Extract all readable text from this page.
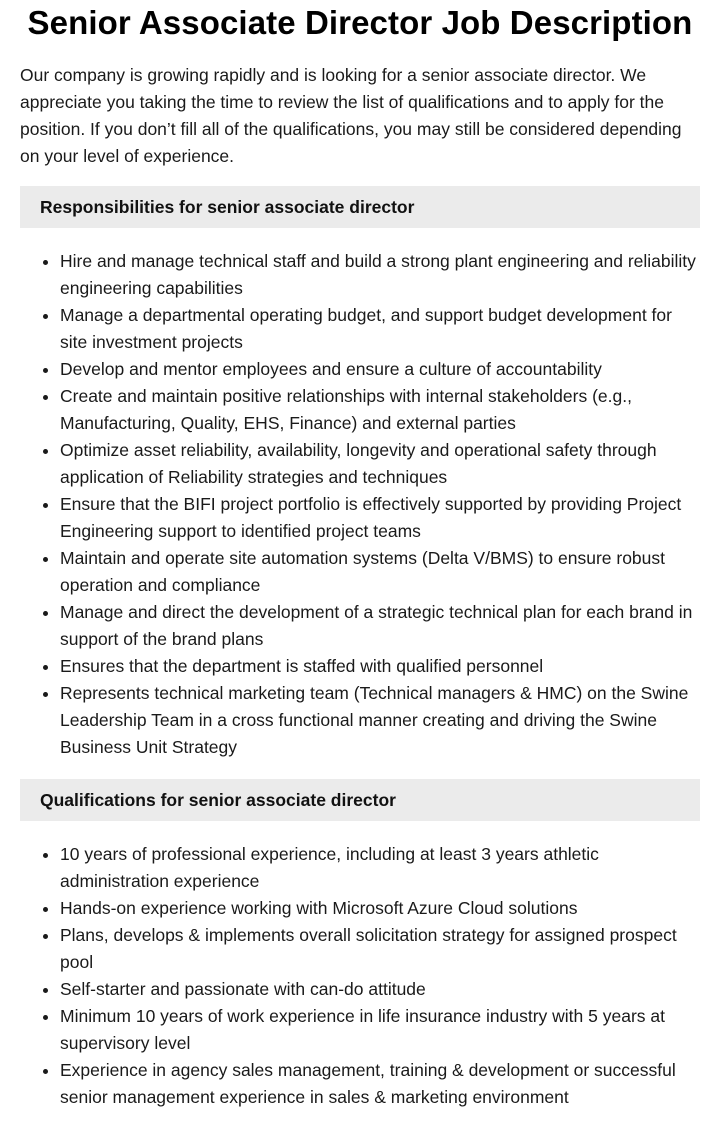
Senior Associate Director Job Description

Our company is growing rapidly and is looking for a senior associate director. We appreciate you taking the time to review the list of qualifications and to apply for the position. If you don’t fill all of the qualifications, you may still be considered depending on your level of experience.

Responsibilities for senior associate director
• Hire and manage technical staff and build a strong plant engineering and reliability engineering capabilities
• Manage a departmental operating budget, and support budget development for site investment projects
• Develop and mentor employees and ensure a culture of accountability
• Create and maintain positive relationships with internal stakeholders (e.g., Manufacturing, Quality, EHS, Finance) and external parties
• Optimize asset reliability, availability, longevity and operational safety through application of Reliability strategies and techniques
• Ensure that the BIFI project portfolio is effectively supported by providing Project Engineering support to identified project teams
• Maintain and operate site automation systems (Delta V/BMS) to ensure robust operation and compliance
• Manage and direct the development of a strategic technical plan for each brand in support of the brand plans
• Ensures that the department is staffed with qualified personnel
• Represents technical marketing team (Technical managers & HMC) on the Swine Leadership Team in a cross functional manner creating and driving the Swine Business Unit Strategy
Qualifications for senior associate director
• 10 years of professional experience, including at least 3 years athletic administration experience
• Hands-on experience working with Microsoft Azure Cloud solutions
• Plans, develops & implements overall solicitation strategy for assigned prospect pool
• Self-starter and passionate with can-do attitude
• Minimum 10 years of work experience in life insurance industry with 5 years at supervisory level
• Experience in agency sales management, training & development or successful senior management experience in sales & marketing environment
